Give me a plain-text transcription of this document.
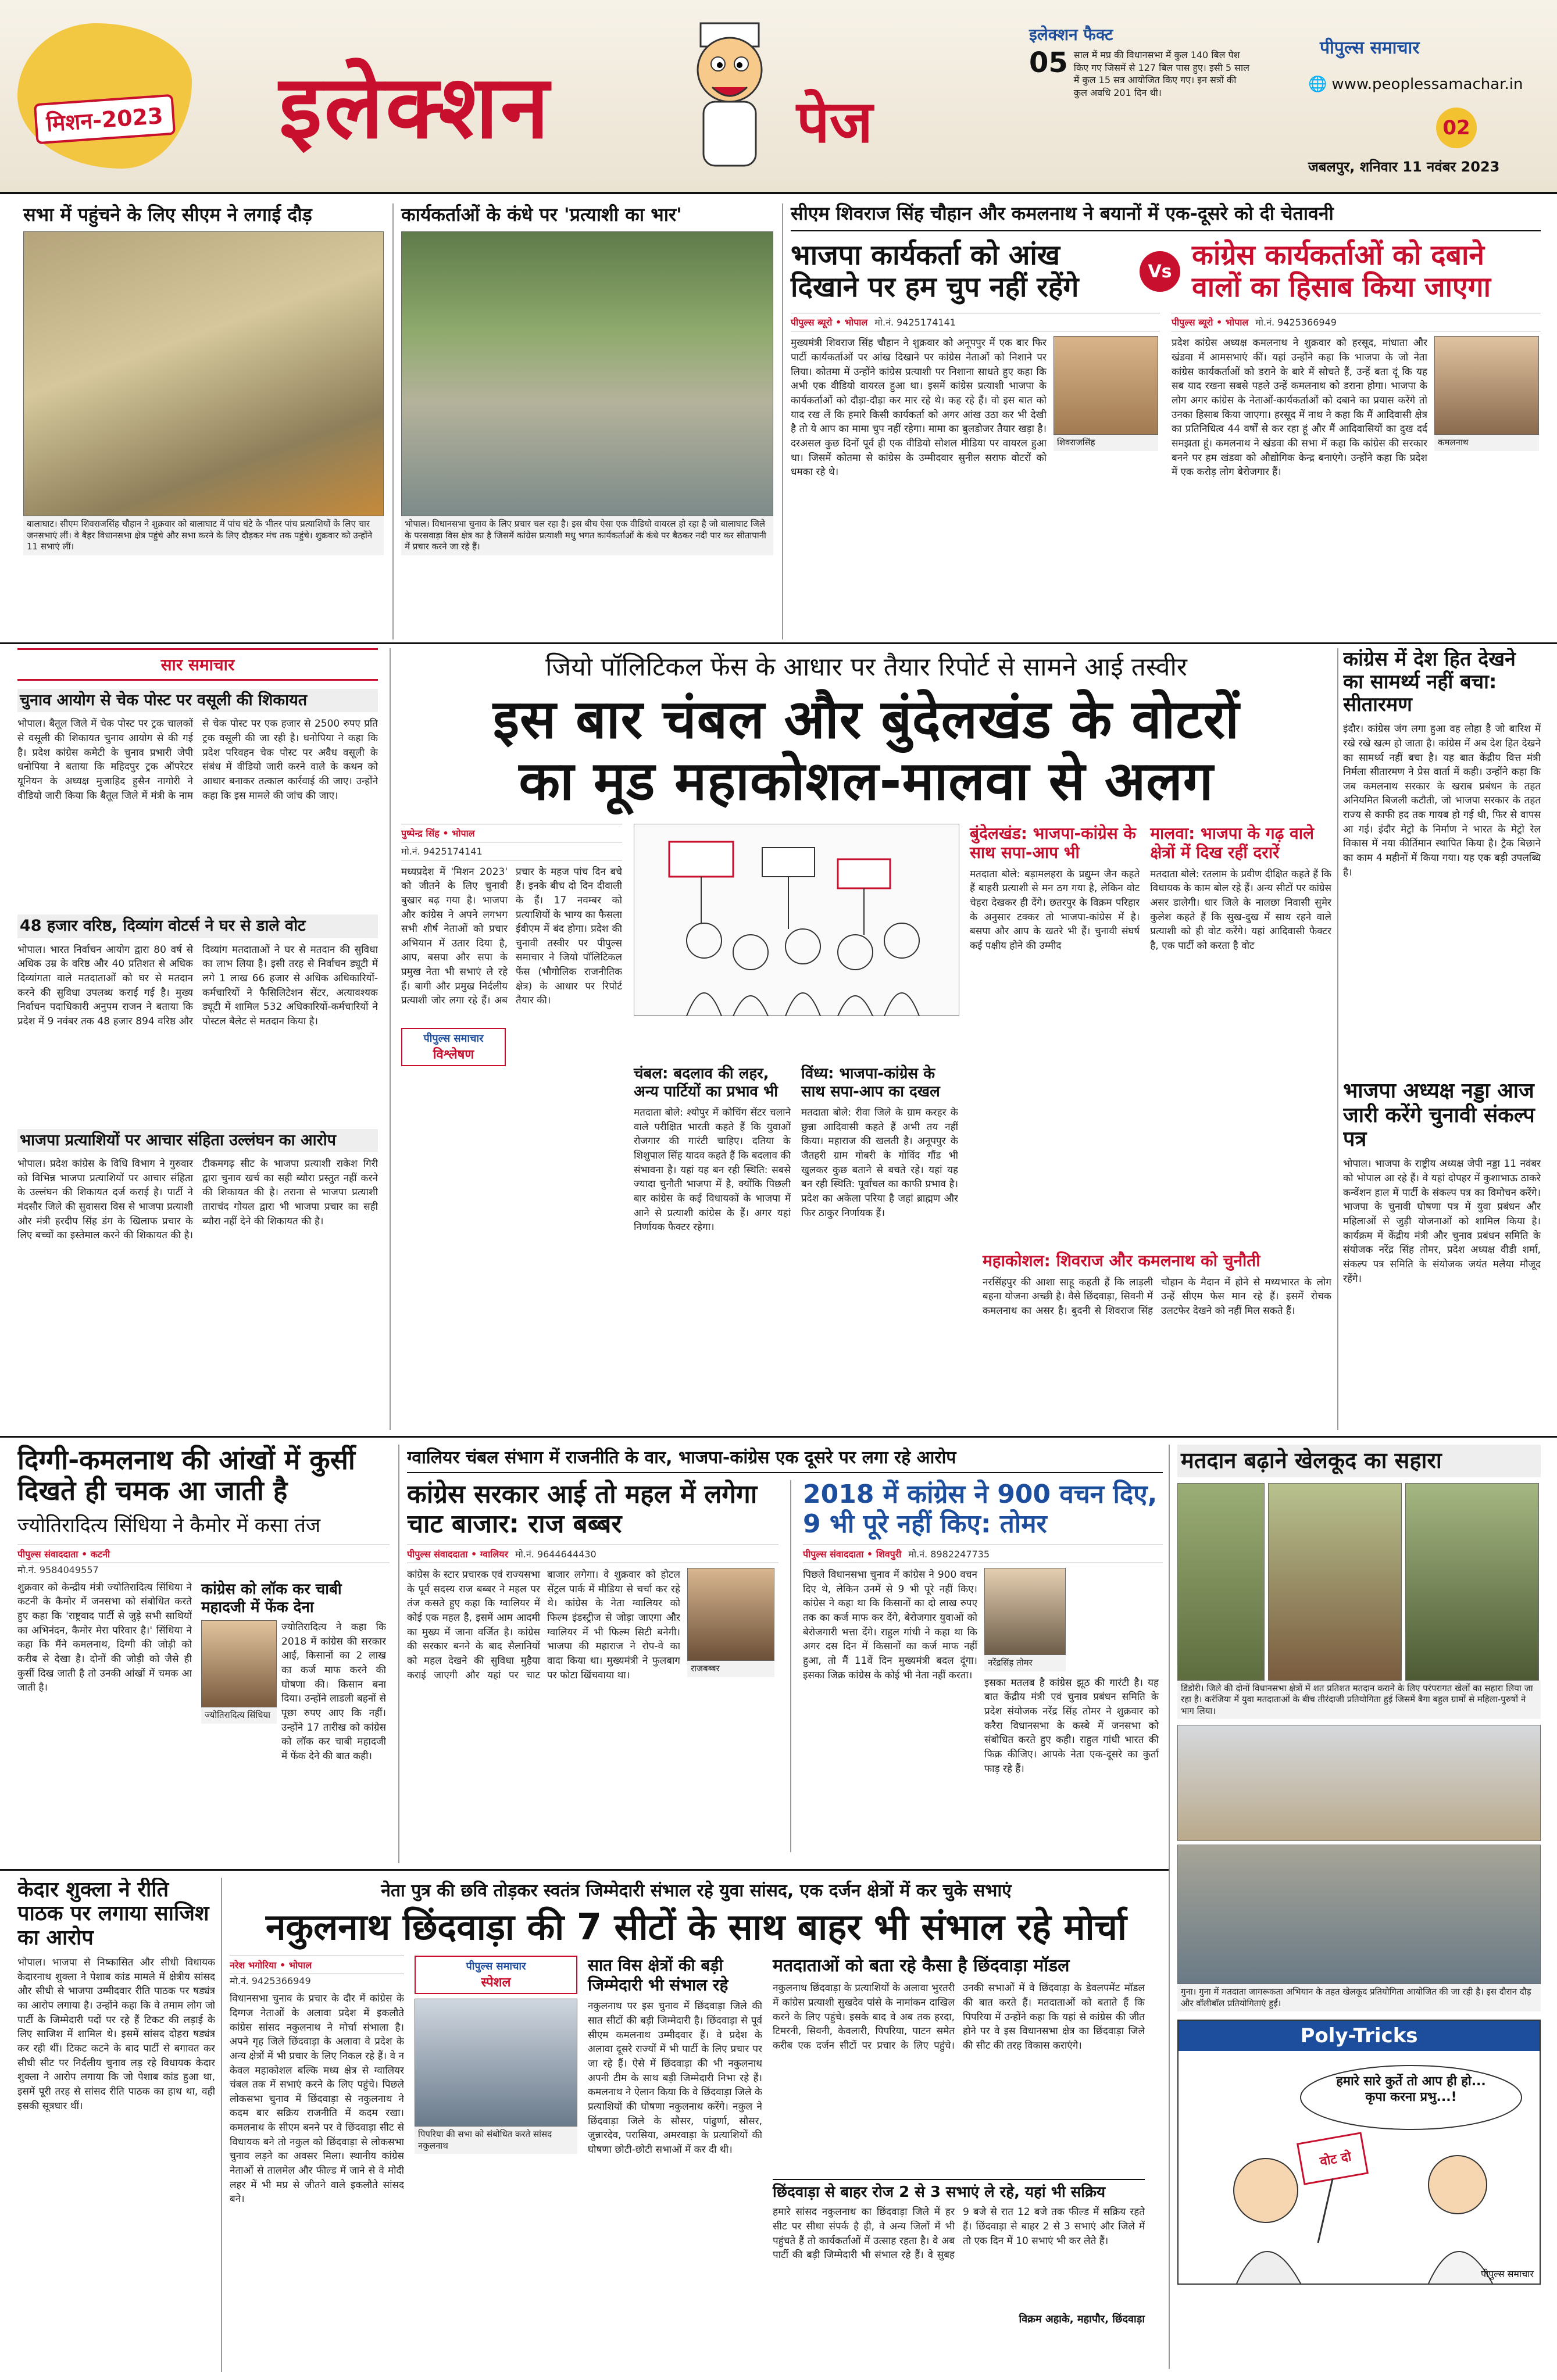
मिशन-2023 इलेक्शन	पेज
इलेक्शन फैक्ट
05 साल में मप्र की विधानसभा में कुल 140 बिल पेश किए गए जिसमें से 127 बिल पास हुए। इसी 5 साल में कुल 15 सत्र आयोजित किए गए। इन सत्रों की कुल अवधि 201 दिन थी।
पीपुल्स समाचार
🌐 www.peoplessamachar.in
02
जबलपुर, शनिवार 11 नवंबर 2023
सभा में पहुंचने के लिए सीएम ने लगाई दौड़
बालाघाट। सीएम शिवराजसिंह चौहान ने शुक्रवार को बालाघाट में पांच घंटे के भीतर पांच प्रत्याशियों के लिए चार जनसभाएं लीं। वे बैहर विधानसभा क्षेत्र पहुंचे और सभा करने के लिए दौड़कर मंच तक पहुंचे। शुक्रवार को उन्होंने 11 सभाएं लीं।
कार्यकर्ताओं के कंधे पर 'प्रत्याशी का भार'
भोपाल। विधानसभा चुनाव के लिए प्रचार चल रहा है। इस बीच ऐसा एक वीडियो वायरल हो रहा है जो बालाघाट जिले के परसवाड़ा विस क्षेत्र का है जिसमें कांग्रेस प्रत्याशी मधु भगत कार्यकर्ताओं के कंधे पर बैठकर नदी पार कर सीतापानी में प्रचार करने जा रहे हैं।
सीएम शिवराज सिंह चौहान और कमलनाथ ने बयानों में एक-दूसरे को दी चेतावनी
भाजपा कार्यकर्ता को आंख दिखाने पर हम चुप नहीं रहेंगे	Vs
कांग्रेस कार्यकर्ताओं को दबाने वालों का हिसाब किया जाएगा
पीपुल्स ब्यूरो • भोपाल मो.नं. 9425174141
मुख्यमंत्री शिवराज सिंह चौहान ने शुक्रवार को अनूपपुर में एक बार फिर पार्टी कार्यकर्ताओं पर आंख दिखाने पर कांग्रेस नेताओं को निशाने पर लिया। कोतमा में उन्होंने कांग्रेस प्रत्याशी पर निशाना साधते हुए कहा कि अभी एक वीडियो वायरल हुआ था। इसमें कांग्रेस प्रत्याशी भाजपा के कार्यकर्ताओं को दौड़ा-दौड़ा कर मार रहे थे। कह रहे हैं। वो इस बात को याद रख लें कि हमारे किसी कार्यकर्ता को अगर आंख उठा कर भी देखी है तो ये आप का मामा चुप नहीं रहेगा। मामा का बुलडोजर तैयार खड़ा है। दरअसल कुछ दिनों पूर्व ही एक वीडियो सोशल मीडिया पर वायरल हुआ था। जिसमें कोतमा से कांग्रेस के उम्मीदवार सुनील सराफ वोटरों को धमका रहे थे।
शिवराजसिंह
पीपुल्स ब्यूरो • भोपाल मो.नं. 9425366949
प्रदेश कांग्रेस अध्यक्ष कमलनाथ ने शुक्रवार को हरसूद, मांधाता और खंडवा में आमसभाएं कीं। यहां उन्होंने कहा कि भाजपा के जो नेता कांग्रेस कार्यकर्ताओं को डराने के बारे में सोचते हैं, उन्हें बता दूं कि यह सब याद रखना सबसे पहले उन्हें कमलनाथ को डराना होगा। भाजपा के लोग अगर कांग्रेस के नेताओं-कार्यकर्ताओं को दबाने का प्रयास करेंगे तो उनका हिसाब किया जाएगा। हरसूद में नाथ ने कहा कि मैं आदिवासी क्षेत्र का प्रतिनिधित्व 44 वर्षों से कर रहा हूं और मैं आदिवासियों का दुख दर्द समझता हूं। कमलनाथ ने खंडवा की सभा में कहा कि कांग्रेस की सरकार बनने पर हम खंडवा को औद्योगिक केन्द्र बनाएंगे। उन्होंने कहा कि प्रदेश में एक करोड़ लोग बेरोजगार हैं।
कमलनाथ
सार समाचार
चुनाव आयोग से चेक पोस्ट पर वसूली की शिकायत
भोपाल। बैतूल जिले में चेक पोस्ट पर ट्रक चालकों से वसूली की शिकायत चुनाव आयोग से की गई है। प्रदेश कांग्रेस कमेटी के चुनाव प्रभारी जेपी धनोपिया ने बताया कि महिदपुर ट्रक ऑपरेटर यूनियन के अध्यक्ष मुजाहिद हुसैन नागोरी ने वीडियो जारी किया कि बैतूल जिले में मंत्री के नाम से चेक पोस्ट पर एक हजार से 2500 रुपए प्रति ट्रक वसूली की जा रही है। धनोपिया ने कहा कि प्रदेश परिवहन चेक पोस्ट पर अवैध वसूली के संबंध में वीडियो जारी करने वाले के कथन को आधार बनाकर तत्काल कार्रवाई की जाए। उन्होंने कहा कि इस मामले की जांच की जाए।
48 हजार वरिष्ठ, दिव्यांग वोटर्स ने घर से डाले वोट
भोपाल। भारत निर्वाचन आयोग द्वारा 80 वर्ष से अधिक उम्र के वरिष्ठ और 40 प्रतिशत से अधिक दिव्यांगता वाले मतदाताओं को घर से मतदान करने की सुविधा उपलब्ध कराई गई है। मुख्य निर्वाचन पदाधिकारी अनुपम राजन ने बताया कि प्रदेश में 9 नवंबर तक 48 हजार 894 वरिष्ठ और दिव्यांग मतदाताओं ने घर से मतदान की सुविधा का लाभ लिया है। इसी तरह से निर्वाचन ड्यूटी में लगे 1 लाख 66 हजार से अधिक अधिकारियों-कर्मचारियों ने फैसिलिटेशन सेंटर, अत्यावश्यक ड्यूटी में शामिल 532 अधिकारियों-कर्मचारियों ने पोस्टल बैलेट से मतदान किया है।
भाजपा प्रत्याशियों पर आचार संहिता उल्लंघन का आरोप
भोपाल। प्रदेश कांग्रेस के विधि विभाग ने गुरुवार को विभिन्न भाजपा प्रत्याशियों पर आचार संहिता के उल्लंघन की शिकायत दर्ज कराई है। पार्टी ने मंदसौर जिले की सुवासरा विस से भाजपा प्रत्याशी और मंत्री हरदीप सिंह डंग के खिलाफ प्रचार के लिए बच्चों का इस्तेमाल करने की शिकायत की है। टीकमगढ़ सीट के भाजपा प्रत्याशी राकेश गिरी द्वारा चुनाव खर्च का सही ब्यौरा प्रस्तुत नहीं करने की शिकायत की है। तराना से भाजपा प्रत्याशी ताराचंद गोयल द्वारा भी भाजपा प्रचार का सही ब्यौरा नहीं देने की शिकायत की है।
जियो पॉलिटिकल फेंस के आधार पर तैयार रिपोर्ट से सामने आई तस्वीर
इस बार चंबल और बुंदेलखंड के वोटरों
का मूड महाकोशल-मालवा से अलग
पुष्पेन्द्र सिंह • भोपाल
मो.नं. 9425174141
मध्यप्रदेश में 'मिशन 2023' को जीतने के लिए चुनावी बुखार बढ़ गया है। भाजपा और कांग्रेस ने अपने लगभग सभी शीर्ष नेताओं को प्रचार अभियान में उतार दिया है, आप, बसपा और सपा के प्रमुख नेता भी सभाएं ले रहे हैं। बागी और प्रमुख निर्दलीय प्रत्याशी जोर लगा रहे हैं। अब प्रचार के महज पांच दिन बचे हैं। इनके बीच दो दिन दीवाली के हैं। 17 नवम्बर को प्रत्याशियों के भाग्य का फैसला ईवीएम में बंद होगा। प्रदेश की चुनावी तस्वीर पर पीपुल्स समाचार ने जियो पॉलिटिकल फेंस (भौगोलिक राजनीतिक क्षेत्र) के आधार पर रिपोर्ट तैयार की।
पीपुल्स समाचार
विश्लेषण
बुंदेलखंड: भाजपा-कांग्रेस के साथ सपा-आप भी
मतदाता बोले: बड़ामलहरा के प्रद्युम्न जैन कहते हैं बाहरी प्रत्याशी से मन ठग गया है, लेकिन वोट चेहरा देखकर ही देंगे। छतरपुर के विक्रम परिहार के अनुसार टक्कर तो भाजपा-कांग्रेस में है। बसपा और आप के खतरे भी हैं। चुनावी संघर्ष कई पक्षीय होने की उम्मीद
मालवा: भाजपा के गढ़ वाले क्षेत्रों में दिख रहीं दरारें
मतदाता बोले: रतलाम के प्रवीण दीक्षित कहते हैं कि विधायक के काम बोल रहे हैं। अन्य सीटों पर कांग्रेस असर डालेगी। धार जिले के नालछा निवासी सुमेर कुलेश कहते हैं कि सुख-दुख में साथ रहने वाले प्रत्याशी को ही वोट करेंगे। यहां आदिवासी फैक्टर है, एक पार्टी को करता है वोट
चंबल: बदलाव की लहर, अन्य पार्टियों का प्रभाव भी
मतदाता बोले: श्योपुर में कोचिंग सेंटर चलाने वाले परीक्षित भारती कहते हैं कि युवाओं रोजगार की गारंटी चाहिए। दतिया के शिशुपाल सिंह यादव कहते हैं कि बदलाव की संभावना है। यहां यह बन रही स्थिति: सबसे ज्यादा चुनौती भाजपा में है, क्योंकि पिछली बार कांग्रेस के कई विधायकों के भाजपा में आने से प्रत्याशी कांग्रेस के हैं। अगर यहां निर्णायक फैक्टर रहेगा।
विंध्य: भाजपा-कांग्रेस के साथ सपा-आप का दखल
मतदाता बोले: रीवा जिले के ग्राम करहर के छुन्ना आदिवासी कहते हैं अभी तय नहीं किया। महाराज की खलती है। अनूपपुर के जैतहरी ग्राम गोबरी के गोविंद गौंड भी खुलकर कुछ बताने से बचते रहे। यहां यह बन रही स्थिति: पूर्वांचल का काफी प्रभाव है। प्रदेश का अकेला परिया है जहां ब्राह्मण और फिर ठाकुर निर्णायक हैं।
महाकोशल: शिवराज और कमलनाथ को चुनौती
नरसिंहपुर की आशा साहू कहती हैं कि लाड़ली बहना योजना अच्छी है। वैसे छिंदवाड़ा, सिवनी में कमलनाथ का असर है। बुदनी से शिवराज सिंह चौहान के मैदान में होने से मध्यभारत के लोग उन्हें सीएम फेस मान रहे हैं। इसमें रोचक उलटफेर देखने को नहीं मिल सकते हैं।
कांग्रेस में देश हित देखने का सामर्थ्य नहीं बचा: सीतारमण
इंदौर। कांग्रेस जंग लगा हुआ वह लोहा है जो बारिश में रखे रखे खत्म हो जाता है। कांग्रेस में अब देश हित देखने का सामर्थ्य नहीं बचा है। यह बात केंद्रीय वित्त मंत्री निर्मला सीतारमण ने प्रेस वार्ता में कही। उन्होंने कहा कि जब कमलनाथ सरकार के खराब प्रबंधन के तहत अनियमित बिजली कटौती, जो भाजपा सरकार के तहत राज्य से काफी हद तक गायब हो गई थी, फिर से वापस आ गई। इंदौर मेट्रो के निर्माण ने भारत के मेट्रो रेल विकास में नया कीर्तिमान स्थापित किया है। ट्रैक बिछाने का काम 4 महीनों में किया गया। यह एक बड़ी उपलब्धि है।
भाजपा अध्यक्ष नड्डा आज जारी करेंगे चुनावी संकल्प पत्र
भोपाल। भाजपा के राष्ट्रीय अध्यक्ष जेपी नड्डा 11 नवंबर को भोपाल आ रहे हैं। वे यहां दोपहर में कुशाभाऊ ठाकरे कन्वेंशन हाल में पार्टी के संकल्प पत्र का विमोचन करेंगे। भाजपा के चुनावी घोषणा पत्र में युवा प्रबंधन और महिलाओं से जुड़ी योजनाओं को शामिल किया है। कार्यक्रम में केंद्रीय मंत्री और चुनाव प्रबंधन समिति के संयोजक नरेंद्र सिंह तोमर, प्रदेश अध्यक्ष वीडी शर्मा, संकल्प पत्र समिति के संयोजक जयंत मलैया मौजूद रहेंगे।
दिग्गी-कमलनाथ की आंखों में कुर्सी दिखते ही चमक आ जाती है
ज्योतिरादित्य सिंधिया ने कैमोर में कसा तंज
पीपुल्स संवाददाता • कटनी
मो.नं. 9584049557
शुक्रवार को केन्द्रीय मंत्री ज्योतिरादित्य सिंधिया ने कटनी के कैमोर में जनसभा को संबोधित करते हुए कहा कि 'राष्ट्रवाद पार्टी से जुड़े सभी साथियों का अभिनंदन, कैमोर मेरा परिवार है।' सिंधिया ने कहा कि मैंने कमलनाथ, दिग्गी की जोड़ी को करीब से देखा है। दोनों की जोड़ी को जैसे ही कुर्सी दिख जाती है तो उनकी आंखों में चमक आ जाती है।
कांग्रेस को लॉक कर चाबी महादजी में फेंक देना
ज्योतिरादित्य सिंधिया
ज्योतिरादित्य ने कहा कि 2018 में कांग्रेस की सरकार आई, किसानों का 2 लाख का कर्ज माफ करने की घोषणा की। किसान बना दिया। उन्होंने लाडली बहनों से पूछा रुपए आए कि नहीं। उन्होंने 17 तारीख को कांग्रेस को लॉक कर चाबी महादजी में फेंक देने की बात कही।
ग्वालियर चंबल संभाग में राजनीति के वार, भाजपा-कांग्रेस एक दूसरे पर लगा रहे आरोप
कांग्रेस सरकार आई तो महल में लगेगा चाट बाजार: राज बब्बर
पीपुल्स संवाददाता • ग्वालियर मो.नं. 9644644430
कांग्रेस के स्टार प्रचारक एवं राज्यसभा के पूर्व सदस्य राज बब्बर ने महल पर तंज कसते हुए कहा कि ग्वालियर में कोई एक महल है, इसमें आम आदमी का मुख्य में जाना वर्जित है। कांग्रेस की सरकार बनने के बाद सैलानियों को महल देखने की सुविधा मुहैया कराई जाएगी और यहां पर चाट बाजार लगेगा। वे शुक्रवार को होटल सेंट्रल पार्क में मीडिया से चर्चा कर रहे थे। कांग्रेस के नेता ग्वालियर को फिल्म इंडस्ट्रीज से जोड़ा जाएगा और ग्वालियर में भी फिल्म सिटी बनेगी। भाजपा की महाराज ने रोप-वे का वादा किया था। मुख्यमंत्री ने फुलबाग पर फोटा खिंचवाया था।
राजबब्बर
2018 में कांग्रेस ने 900 वचन दिए, 9 भी पूरे नहीं किए: तोमर
पीपुल्स संवाददाता • शिवपुरी मो.नं. 8982247735
पिछले विधानसभा चुनाव में कांग्रेस ने 900 वचन दिए थे, लेकिन उनमें से 9 भी पूरे नहीं किए। कांग्रेस ने कहा था कि किसानों का दो लाख रुपए तक का कर्ज माफ कर देंगे, बेरोजगार युवाओं को बेरोजगारी भत्ता देंगे। राहुल गांधी ने कहा था कि अगर दस दिन में किसानों का कर्ज माफ नहीं हुआ, तो मैं 11वें दिन मुख्यमंत्री बदल दूंगा। इसका जिक्र कांग्रेस के कोई भी नेता नहीं करता।
नरेंद्रसिंह तोमर
इसका मतलब है कांग्रेस झूठ की गारंटी है। यह बात केंद्रीय मंत्री एवं चुनाव प्रबंधन समिति के प्रदेश संयोजक नरेंद्र सिंह तोमर ने शुक्रवार को करैरा विधानसभा के कस्बे में जनसभा को संबोधित करते हुए कही। राहुल गांधी भारत की फिक्र कीजिए। आपके नेता एक-दूसरे का कुर्ता फाड़ रहे हैं।
मतदान बढ़ाने खेलकूद का सहारा
डिंडोरी। जिले की दोनों विधानसभा क्षेत्रों में शत प्रतिशत मतदान कराने के लिए परंपरागत खेलों का सहारा लिया जा रहा है। करंजिया में युवा मतदाताओं के बीच तीरंदाजी प्रतियोगिता हुई जिसमें बैगा बहुल ग्रामों से महिला-पुरुषों ने भाग लिया।
गुना। गुना में मतदाता जागरूकता अभियान के तहत खेलकूद प्रतियोगिता आयोजित की जा रही है। इस दौरान दौड़ और वॉलीबॉल प्रतियोगिताएं हुईं।
Poly-Tricks
हमारे सारे कुर्ते तो आप ही हो... कृपा करना प्रभु...!
वोट दो
पीपुल्स समाचार
केदार शुक्ला ने रीति पाठक पर लगाया साजिश का आरोप
भोपाल। भाजपा से निष्कासित और सीधी विधायक केदारनाथ शुक्ला ने पेशाब कांड मामले में क्षेत्रीय सांसद और सीधी से भाजपा उम्मीदवार रीति पाठक पर षड्यंत्र का आरोप लगाया है। उन्होंने कहा कि वे तमाम लोग जो पार्टी के जिम्मेदारी पदों पर रहे हैं टिकट की लड़ाई के लिए साजिश में शामिल थे। इसमें सांसद दोहरा षड्यंत्र कर रही थीं। टिकट कटने के बाद पार्टी से बगावत कर सीधी सीट पर निर्दलीय चुनाव लड़ रहे विधायक केदार शुक्ला ने आरोप लगाया कि जो पेशाब कांड हुआ था, इसमें पूरी तरह से सांसद रीति पाठक का हाथ था, वही इसकी सूत्रधार थीं।
नेता पुत्र की छवि तोड़कर स्वतंत्र जिम्मेदारी संभाल रहे युवा सांसद, एक दर्जन क्षेत्रों में कर चुके सभाएं
नकुलनाथ छिंदवाड़ा की 7 सीटों के साथ बाहर भी संभाल रहे मोर्चा
नरेश भगोरिया • भोपाल
मो.नं. 9425366949
विधानसभा चुनाव के प्रचार के दौर में कांग्रेस के दिग्गज नेताओं के अलावा प्रदेश में इकलौते कांग्रेस सांसद नकुलनाथ ने मोर्चा संभाला है। अपने गृह जिले छिंदवाड़ा के अलावा वे प्रदेश के अन्य क्षेत्रों में भी प्रचार के लिए निकल रहे हैं। वे न केवल महाकोशल बल्कि मध्य क्षेत्र से ग्वालियर चंबल तक में सभाएं करने के लिए पहुंचे। पिछले लोकसभा चुनाव में छिंदवाड़ा से नकुलनाथ ने कदम बार सक्रिय राजनीति में कदम रखा। कमलनाथ के सीएम बनने पर वे छिंदवाड़ा सीट से विधायक बने तो नकुल को छिंदवाड़ा से लोकसभा चुनाव लड़ने का अवसर मिला। स्थानीय कांग्रेस नेताओं से तालमेल और फील्ड में जाने से वे मोदी लहर में भी मप्र से जीतने वाले इकलौते सांसद बने।
पीपुल्स समाचार
स्पेशल
पिपरिया की सभा को संबोधित करते सांसद नकुलनाथ
सात विस क्षेत्रों की बड़ी जिम्मेदारी भी संभाल रहे
नकुलनाथ पर इस चुनाव में छिंदवाड़ा जिले की सात सीटों की बड़ी जिम्मेदारी है। छिंदवाड़ा से पूर्व सीएम कमलनाथ उम्मीदवार हैं। वे प्रदेश के अलावा दूसरे राज्यों में भी पार्टी के लिए प्रचार पर जा रहे हैं। ऐसे में छिंदवाड़ा की भी नकुलनाथ अपनी टीम के साथ बड़ी जिम्मेदारी निभा रहे हैं। कमलनाथ ने ऐलान किया कि वे छिंदवाड़ा जिले के प्रत्याशियों की घोषणा नकुलनाथ करेंगे। नकुल ने छिंदवाड़ा जिले के सौसर, पांढुर्णा, सौसर, जुन्नारदेव, परासिया, अमरवाड़ा के प्रत्याशियों की घोषणा छोटी-छोटी सभाओं में कर दी थी।
मतदाताओं को बता रहे कैसा है छिंदवाड़ा मॉडल
नकुलनाथ छिंदवाड़ा के प्रत्याशियों के अलावा भुरतरी में कांग्रेस प्रत्याशी सुखदेव पांसे के नामांकन दाखिल करने के लिए पहुंचे। इसके बाद वे अब तक हरदा, टिमरनी, सिवनी, केवलारी, पिपरिया, पाटन समेत करीब एक दर्जन सीटों पर प्रचार के लिए पहुंचे। उनकी सभाओं में वे छिंदवाड़ा के डेवलपमेंट मॉडल की बात करते हैं। मतदाताओं को बताते हैं कि पिपरिया में उन्होंने कहा कि यहां से कांग्रेस की जीत होने पर वे इस विधानसभा क्षेत्र का छिंदवाड़ा जिले की सीट की तरह विकास कराएंगे।
छिंदवाड़ा से बाहर रोज 2 से 3 सभाएं ले रहे, यहां भी सक्रिय
हमारे सांसद नकुलनाथ का छिंदवाड़ा जिले में हर सीट पर सीधा संपर्क है ही, वे अन्य जिलों में भी पहुंचते हैं तो कार्यकर्ताओं में उत्साह रहता है। वे अब पार्टी की बड़ी जिम्मेदारी भी संभाल रहे हैं। वे सुबह 9 बजे से रात 12 बजे तक फील्ड में सक्रिय रहते हैं। छिंदवाड़ा से बाहर 2 से 3 सभाएं और जिले में तो एक दिन में 10 सभाएं भी कर लेते हैं।
विक्रम अहाके, महापौर, छिंदवाड़ा
